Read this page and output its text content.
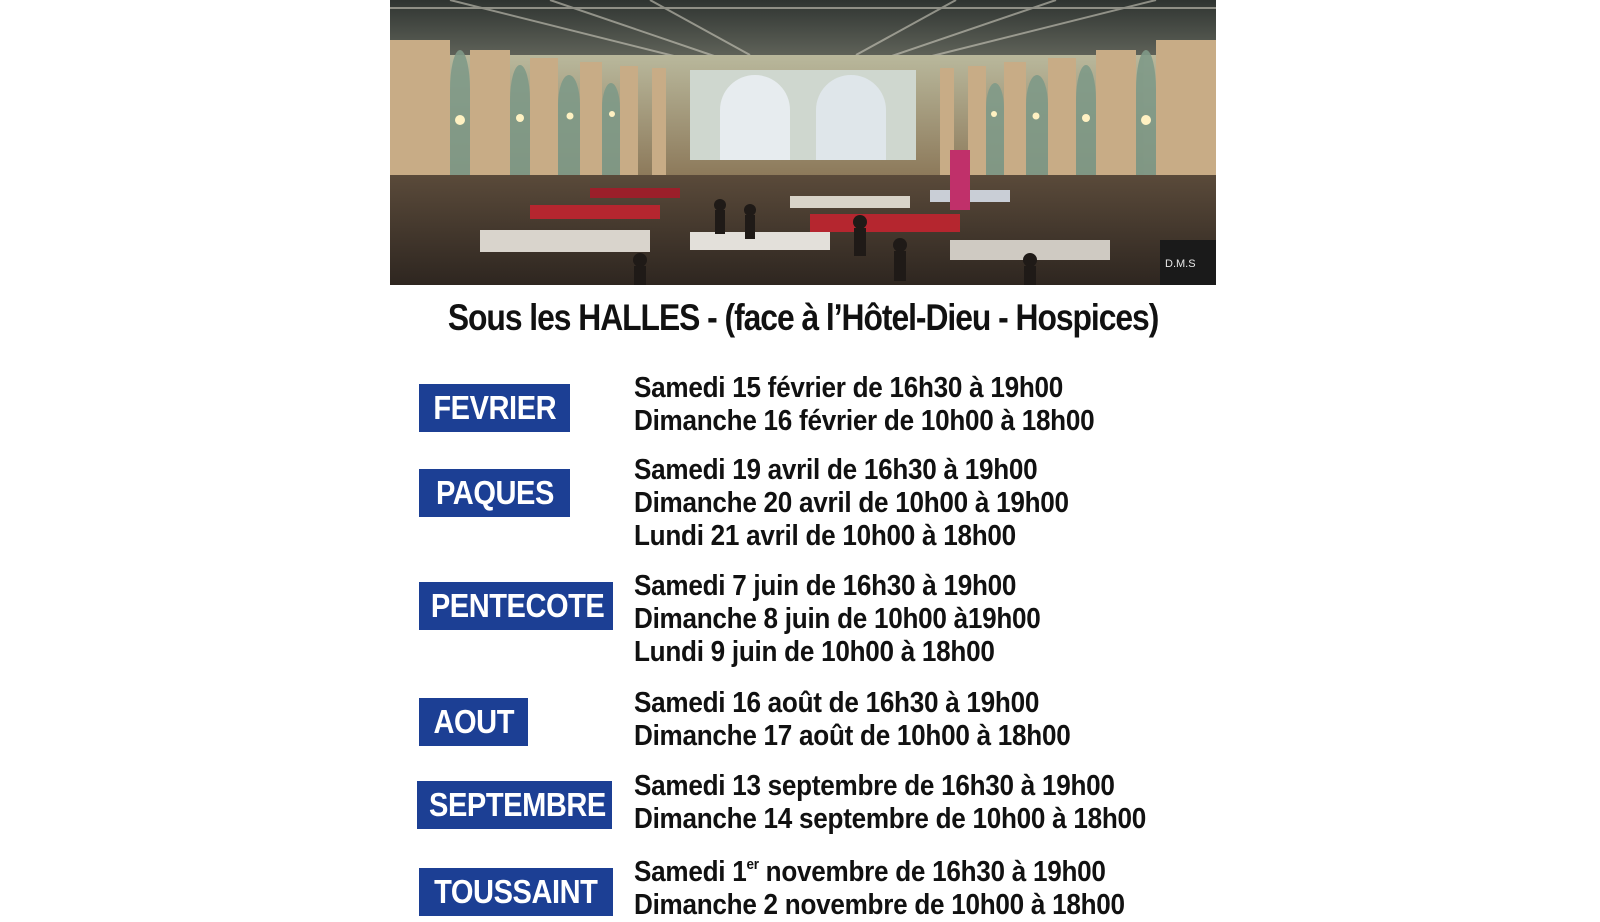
D.M.S
Sous les HALLES - (face à l’Hôtel-Dieu - Hospices)
FEVRIER
Samedi 15 février de 16h30 à 19h00
Dimanche 16 février de 10h00 à 18h00
PAQUES
Samedi 19 avril de 16h30 à 19h00
Dimanche 20 avril de 10h00 à 19h00
Lundi 21 avril de 10h00 à 18h00
PENTECOTE
Samedi 7 juin de 16h30 à 19h00
Dimanche 8 juin de 10h00 à19h00
Lundi 9 juin de 10h00 à 18h00
AOUT	Samedi 16 août de 16h30 à 19h00
Dimanche 17 août de 10h00 à 18h00
SEPTEMBRE Samedi 13 septembre de 16h30 à 19h00
Dimanche 14 septembre de 10h00 à 18h00
TOUSSAINT
Samedi 1er novembre de 16h30 à 19h00
Dimanche 2 novembre de 10h00 à 18h00
